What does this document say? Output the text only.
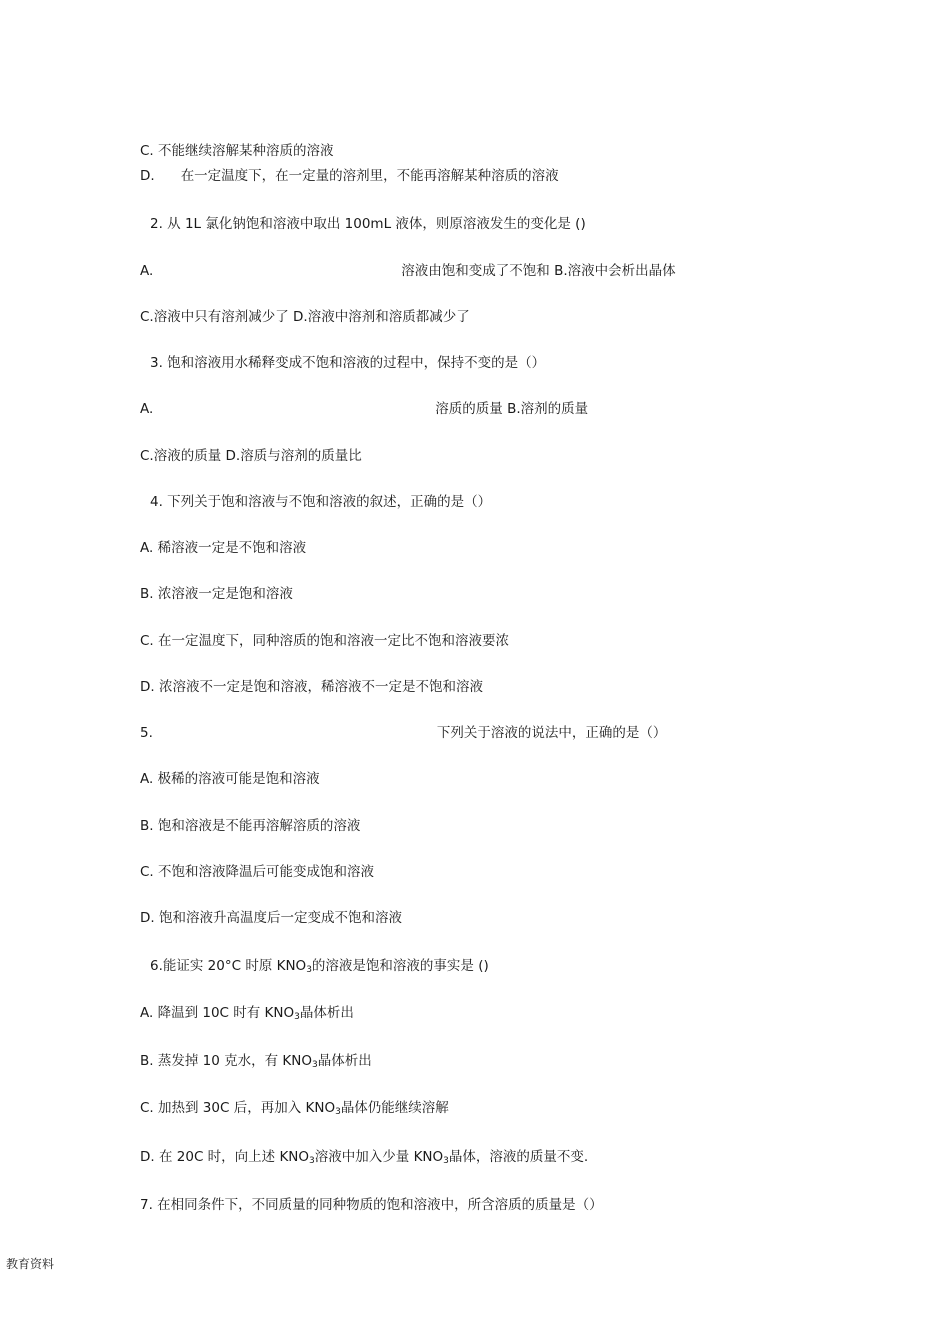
C. 不能继续溶解某种溶质的溶液
D. 在一定温度下，在一定量的溶剂里，不能再溶解某种溶质的溶液
2. 从 1L 氯化钠饱和溶液中取出 100mL 液体，则原溶液发生的变化是 ()
A.	溶液由饱和变成了不饱和 B.溶液中会析出晶体
C.溶液中只有溶剂减少了 D.溶液中溶剂和溶质都减少了
3. 饱和溶液用水稀释变成不饱和溶液的过程中，保持不变的是（）
A.	溶质的质量 B.溶剂的质量
C.溶液的质量 D.溶质与溶剂的质量比
4. 下列关于饱和溶液与不饱和溶液的叙述，正确的是（）
A. 稀溶液一定是不饱和溶液
B. 浓溶液一定是饱和溶液
C. 在一定温度下，同种溶质的饱和溶液一定比不饱和溶液要浓
D. 浓溶液不一定是饱和溶液，稀溶液不一定是不饱和溶液
5.	下列关于溶液的说法中，正确的是（）
A. 极稀的溶液可能是饱和溶液
B. 饱和溶液是不能再溶解溶质的溶液
C. 不饱和溶液降温后可能变成饱和溶液
D. 饱和溶液升高温度后一定变成不饱和溶液
6.能证实 20°C 时原 $KNO_3$的溶液是饱和溶液的事实是 ()
A. 降温到 10C 时有 $KNO_3$晶体析出
B. 蒸发掉 10 克水，有 $KNO_3$晶体析出
C. 加热到 30C 后，再加入 $KNO_3$晶体仍能继续溶解
D. 在 20C 时，向上述 $KNO_3$溶液中加入少量 $KNO_3$晶体，溶液的质量不变.
7. 在相同条件下，不同质量的同种物质的饱和溶液中，所含溶质的质量是（）
教育资料
